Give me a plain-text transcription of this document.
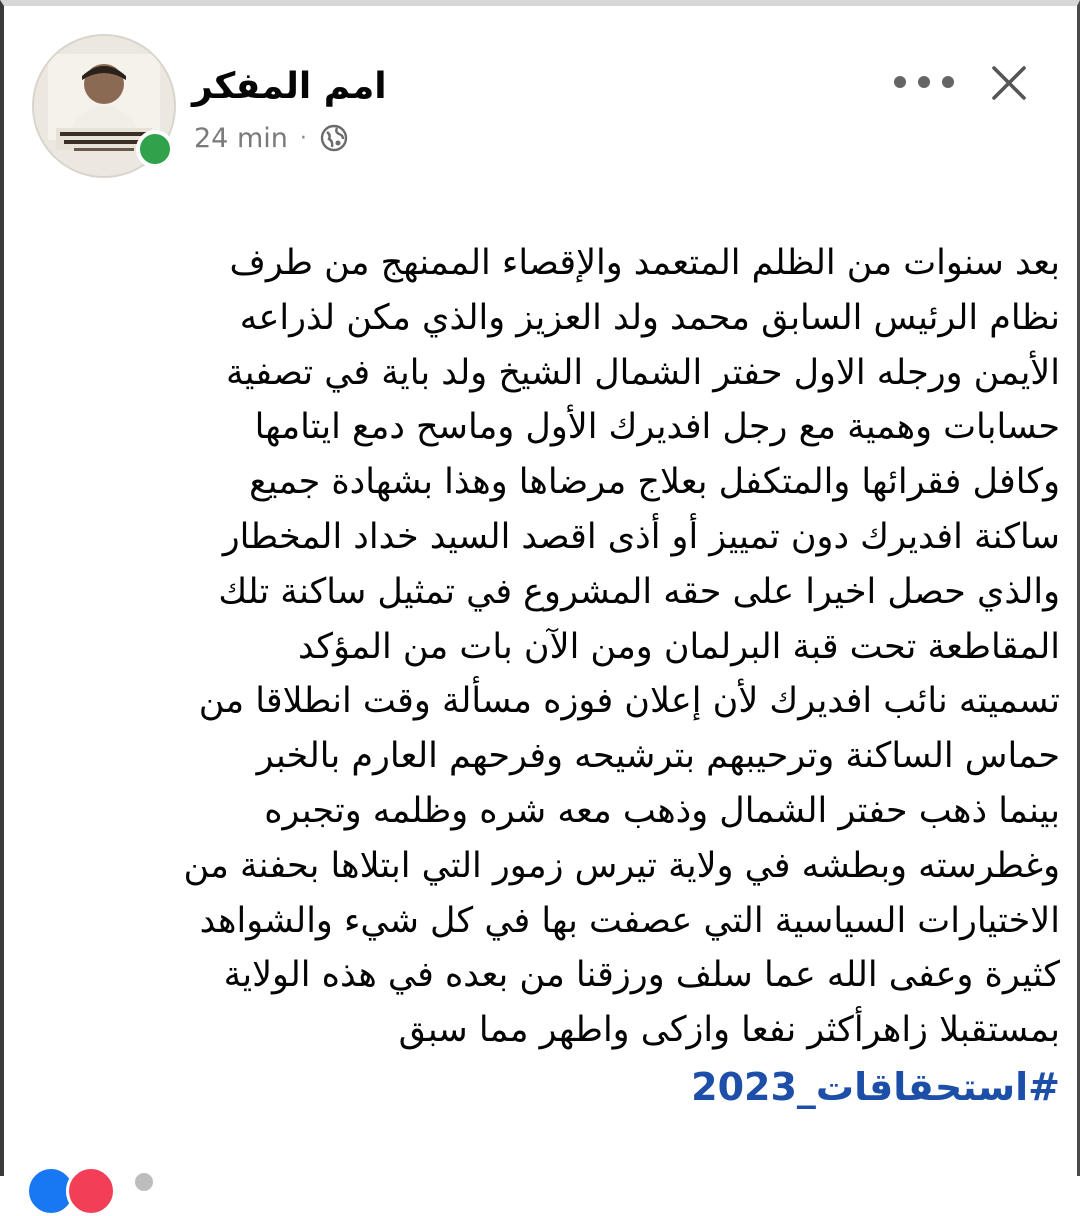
امم المفكر
24 min ·
بعد سنوات من الظلم المتعمد والإقصاء الممنهج من طرف
نظام الرئيس السابق محمد ولد العزيز والذي مكن لذراعه
الأيمن ورجله الاول حفتر الشمال الشيخ ولد باية في تصفية
حسابات وهمية مع رجل افديرك الأول وماسح دمع ايتامها
وكافل فقرائها والمتكفل بعلاج مرضاها وهذا بشهادة جميع
ساكنة افديرك دون تمييز أو أذى اقصد السيد خداد المخطار
والذي حصل اخيرا على حقه المشروع في تمثيل ساكنة تلك
المقاطعة تحت قبة البرلمان ومن الآن بات من المؤكد
تسميته نائب افديرك لأن إعلان فوزه مسألة وقت انطلاقا من
حماس الساكنة وترحيبهم بترشيحه وفرحهم العارم بالخبر
بينما ذهب حفتر الشمال وذهب معه شره وظلمه وتجبره
وغطرسته وبطشه في ولاية تيرس زمور التي ابتلاها بحفنة من
الاختيارات السياسية التي عصفت بها في كل شيء والشواهد
كثيرة وعفى الله عما سلف ورزقنا من بعده في هذه الولاية
بمستقبلا زاهرأكثر نفعا وازكى واطهر مما سبق
#استحقاقات_2023
